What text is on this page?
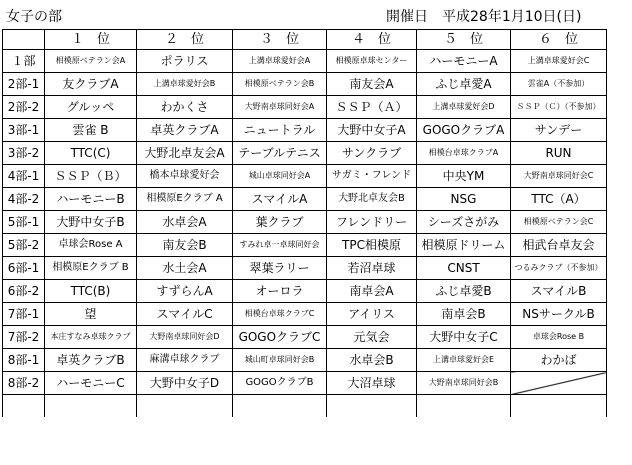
女子の部	開催日　平成28年1月10日(日)
	１　位	２　位	３　位	４　位	５　位	６　位
１部	相模原ベテラン会A	ポラリス	上溝卓球愛好会A	相模原卓球センター	ハーモニーA	上溝卓球愛好会C
2部-1	友クラブA	上溝卓球愛好会B	相模原ベテラン会B	南友会A	ふじ卓愛A	雲雀A（不参加）
2部-2	グルッペ	わかくさ	大野南卓球同好会A	ＳＳＰ（Ａ）	上溝卓球愛好会D	ＳＳＰ（Ｃ）（不参加）
3部-1	雲雀 B	卓英クラブA	ニュートラル	大野中女子A	GOGOクラブA	サンデー
3部-2	TTC(C)	大野北卓友会A	テーブルテニス	サンクラブ	相模台卓球クラブA	RUN
4部-1	ＳＳＰ（Ｂ）	橋本卓球愛好会	城山卓球同好会A	サガミ・フレンド	中央YM	大野南卓球同好会C
4部-2	ハーモニーB	相模原Eクラブ A	スマイルA	大野北卓友会B	NSG	TTC（A）
5部-1	大野中女子B	水卓会A	葉クラブ	フレンドリー	シーズさがみ	相模原ベテラン会C
5部-2	卓球会Rose A	南友会B	すみれ卓一卓球同好会	TPC相模原	相模原ドリーム	相武台卓友会
6部-1	相模原Eクラブ B	水土会A	翠葉ラリー	若沼卓球	CNST	つるみクラブ（不参加）
6部-2	TTC(B)	すずらんA	オーロラ	南卓会A	ふじ卓愛B	スマイルB
7部-1	望	スマイルC	相模台卓球クラブC	アイリス	南卓会B	NSサークルB
7部-2	本庄すなみ卓球クラブ	大野南卓球同好会D	GOGOクラブC	元気会	大野中女子C	卓球会Rose B
8部-1	卓英クラブB	麻溝卓球クラブ	城山町卓球同好会B	水卓会B	上溝卓球愛好会E	わかば
8部-2	ハーモニーC	大野中女子D	GOGOクラブB	大沼卓球	大野南卓球同好会B	
